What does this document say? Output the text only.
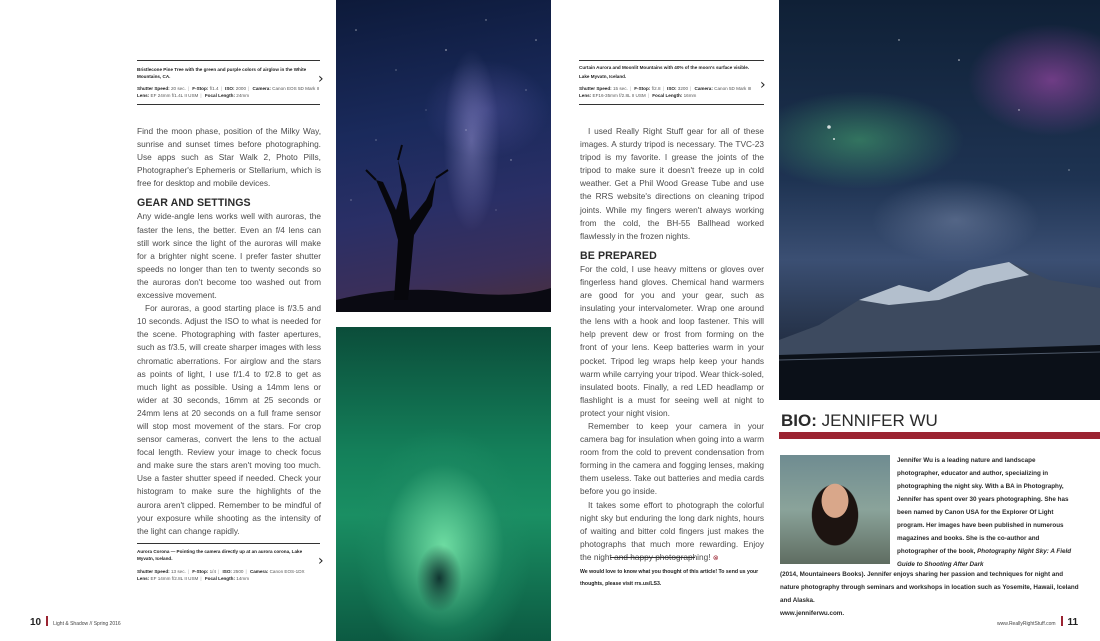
Bristlecone Pine Tree with the green and purple colors of airglow in the White Mountains, CA.
Shutter Speed: 20 sec. | F-Stop: f/1.4 | ISO: 2000 | Camera: Canon EOS 5D Mark II
Lens: EF 24mm f/1.4L II USM | Focal Length: 24mm
›

Find the moon phase, position of the Milky Way, sunrise and sunset times before photographing. Use apps such as Star Walk 2, Photo Pills, Photographer's Ephemeris or Stellarium, which is free for desktop and mobile devices.

GEAR AND SETTINGS

Any wide-angle lens works well with auroras, the faster the lens, the better. Even an f/4 lens can still work since the light of the auroras will make for a brighter night scene. I prefer faster shutter speeds no longer than ten to twenty seconds so the auroras don't become too washed out from excessive movement.

For auroras, a good starting place is f/3.5 and 10 seconds. Adjust the ISO to what is needed for the scene. Photographing with faster apertures, such as f/3.5, will create sharper images with less chromatic aberrations. For airglow and the stars as points of light, I use f/1.4 to f/2.8 to get as much light as possible. Using a 14mm lens or wider at 30 seconds, 16mm at 25 seconds or 24mm lens at 20 seconds on a full frame sensor will stop most movement of the stars. For crop sensor cameras, convert the lens to the actual focal length. Review your image to check focus and make sure the stars aren't moving too much. Use a faster shutter speed if needed. Check your histogram to make sure the highlights of the aurora aren't clipped. Remember to be mindful of your exposure while shooting as the intensity of the light can change rapidly.

Aurora Corona — Pointing the camera directly up at an aurora corona, Lake Myvatn, Iceland.
Shutter Speed: 13 sec. | F-Stop: 1/4 | ISO: 2500 | Camera: Canon EOS-1DX
Lens: EF 14mm f/2.8L II USM | Focal Length: 14mm
›
Curtain Aurora and Moonlit Mountains with 40% of the moon's surface visible.
Lake Myvatn, Iceland.
Shutter Speed: 15 sec. | F-Stop: f/2.8 | ISO: 3200 | Camera: Canon 5D Mark III
Lens: EF16-35mm f/2.8L II USM | Focal Length: 16mm
›

I used Really Right Stuff gear for all of these images. A sturdy tripod is necessary. The TVC-23 tripod is my favorite. I grease the joints of the tripod to make sure it doesn't freeze up in cold weather. Get a Phil Wood Grease Tube and use the RRS website's directions on cleaning tripod joints. While my fingers weren't always working from the cold, the BH-55 Ballhead worked flawlessly in the frozen nights.

BE PREPARED

For the cold, I use heavy mittens or gloves over fingerless hand gloves. Chemical hand warmers are good for you and your gear, such as insulating your intervalometer. Wrap one around the lens with a hook and loop fastener. This will help prevent dew or frost from forming on the front of your lens. Keep batteries warm in your pocket. Tripod leg wraps help keep your hands warm while carrying your tripod. Wear thick-soled, insulated boots. Finally, a red LED headlamp or flashlight is a must for seeing well at night to protect your night vision.

Remember to keep your camera in your camera bag for insulation when going into a warm room from the cold to prevent condensation from forming in the camera and fogging lenses, making them useless. Take out batteries and media cards before you go inside.

It takes some effort to photograph the colorful night sky but enduring the long dark nights, hours of waiting and bitter cold fingers just makes the photographs that much more rewarding. Enjoy the night and happy photographing! ⊗

We would love to know what you thought of this article! To send us your thoughts, please visit rrs.us/LS3.
BIO: JENNIFER WU
Jennifer Wu is a leading nature and landscape photographer, educator and author, specializing in photographing the night sky. With a BA in Photography, Jennifer has spent over 30 years photographing. She has been named by Canon USA for the Explorer Of Light program. Her images have been published in numerous magazines and books. She is the co-author and photographer of the book, Photography Night Sky: A Field Guide to Shooting After Dark
(2014, Mountaineers Books). Jennifer enjoys sharing her passion and techniques for night and nature photography through seminars and workshops in location such as Yosemite, Hawaii, Iceland and Alaska.
www.jenniferwu.com.
10 Light & Shadow // Spring 2016	www.ReallyRightStuff.com 11
